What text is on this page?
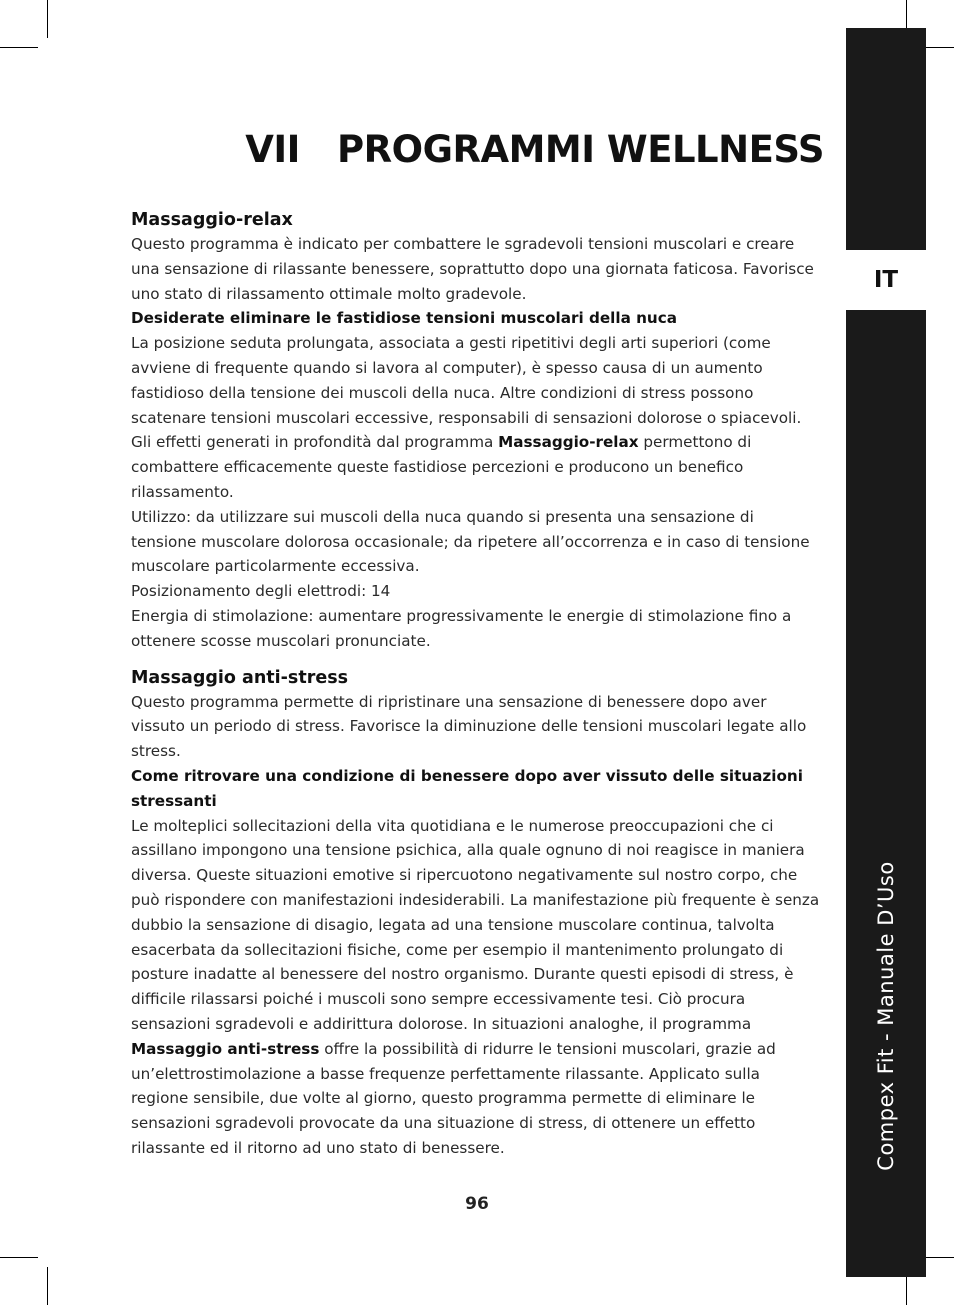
IT
Compex Fit - Manuale D’Uso
VII   PROGRAMMI WELLNESS
Massaggio-relax

Questo programma è indicato per combattere le sgradevoli tensioni muscolari e creare una sensazione di rilassante benessere, soprattutto dopo una giornata faticosa. Favorisce uno stato di rilassamento ottimale molto gradevole.

Desiderate eliminare le fastidiose tensioni muscolari della nuca

La posizione seduta prolungata, associata a gesti ripetitivi degli arti superiori (come avviene di frequente quando si lavora al computer), è spesso causa di un aumento fastidioso della tensione dei muscoli della nuca. Altre condizioni di stress possono scatenare tensioni muscolari eccessive, responsabili di sensazioni dolorose o spiacevoli. Gli effetti generati in profondità dal programma Massaggio-relax permettono di combattere efficacemente queste fastidiose percezioni e producono un benefico rilassamento.

Utilizzo: da utilizzare sui muscoli della nuca quando si presenta una sensazione di tensione muscolare dolorosa occasionale; da ripetere all’occorrenza e in caso di tensione muscolare particolarmente eccessiva.

Posizionamento degli elettrodi: 14

Energia di stimolazione: aumentare progressivamente le energie di stimolazione fino a ottenere scosse muscolari pronunciate.

Massaggio anti-stress

Questo programma permette di ripristinare una sensazione di benessere dopo aver vissuto un periodo di stress. Favorisce la diminuzione delle tensioni muscolari legate allo stress.

Come ritrovare una condizione di benessere dopo aver vissuto delle situazioni stressanti

Le molteplici sollecitazioni della vita quotidiana e le numerose preoccupazioni che ci assillano impongono una tensione psichica, alla quale ognuno di noi reagisce in maniera diversa. Queste situazioni emotive si ripercuotono negativamente sul nostro corpo, che può rispondere con manifestazioni indesiderabili. La manifestazione più frequente è senza dubbio la sensazione di disagio, legata ad una tensione muscolare continua, talvolta esacerbata da sollecitazioni fisiche, come per esempio il mantenimento prolungato di posture inadatte al benessere del nostro organismo. Durante questi episodi di stress, è difficile rilassarsi poiché i muscoli sono sempre eccessivamente tesi. Ciò procura sensazioni sgradevoli e addirittura dolorose. In situazioni analoghe, il programma Massaggio anti-stress offre la possibilità di ridurre le tensioni muscolari, grazie ad un’elettrostimolazione a basse frequenze perfettamente rilassante. Applicato sulla regione sensibile, due volte al giorno, questo programma permette di eliminare le sensazioni sgradevoli provocate da una situazione di stress, di ottenere un effetto rilassante ed il ritorno ad uno stato di benessere.

96
